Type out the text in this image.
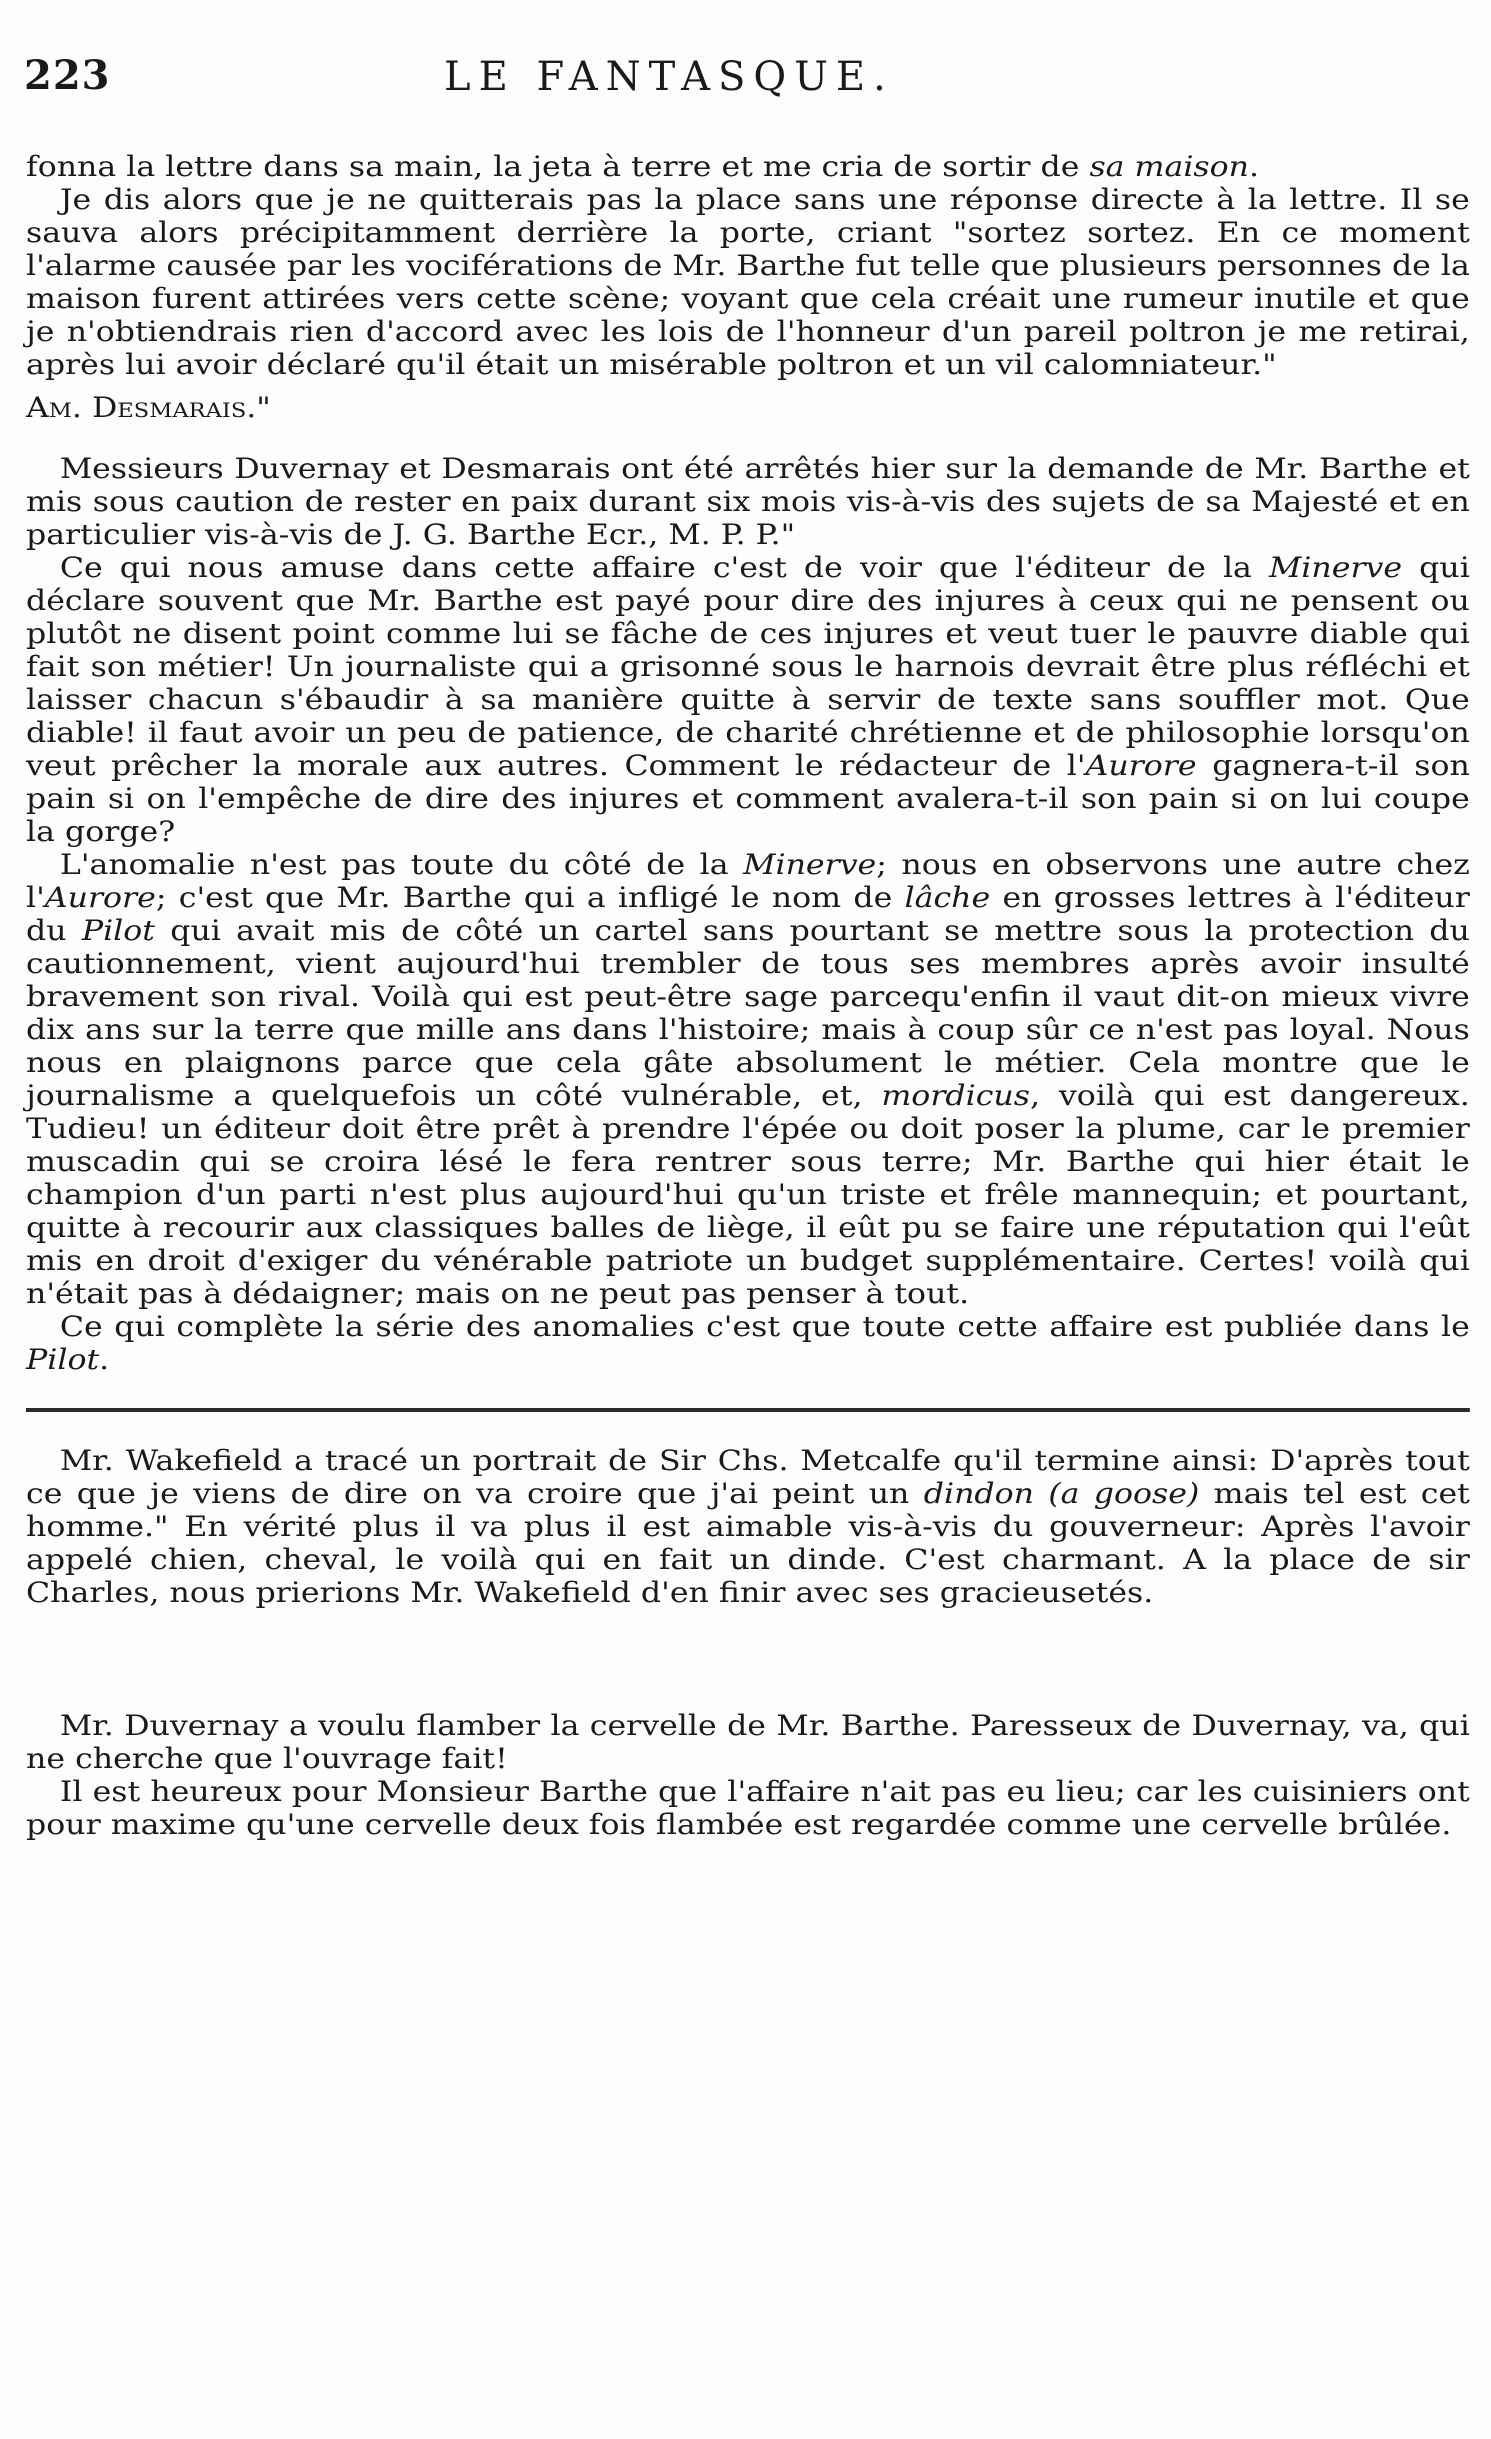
223	LE FANTASQUE.

fonna la lettre dans sa main, la jeta à terre et me cria de sortir de sa maison.

Je dis alors que je ne quitterais pas la place sans une réponse directe à la lettre. Il se sauva alors précipitamment derrière la porte, criant "sortez sortez. En ce moment l'alarme causée par les vociférations de Mr. Barthe fut telle que plusieurs personnes de la maison furent attirées vers cette scène; voyant que cela créait une rumeur inutile et que je n'obtiendrais rien d'accord avec les lois de l'honneur d'un pareil poltron je me retirai, après lui avoir déclaré qu'il était un misérable poltron et un vil calomniateur."

Am. Desmarais."

Messieurs Duvernay et Desmarais ont été arrêtés hier sur la demande de Mr. Barthe et mis sous caution de rester en paix durant six mois vis-à-vis des sujets de sa Majesté et en particulier vis-à-vis de J. G. Barthe Ecr., M. P. P."

Ce qui nous amuse dans cette affaire c'est de voir que l'éditeur de la Minerve qui déclare souvent que Mr. Barthe est payé pour dire des injures à ceux qui ne pensent ou plutôt ne disent point comme lui se fâche de ces injures et veut tuer le pauvre diable qui fait son métier! Un journaliste qui a grisonné sous le harnois devrait être plus réfléchi et laisser chacun s'ébaudir à sa manière quitte à servir de texte sans souffler mot. Que diable! il faut avoir un peu de patience, de charité chrétienne et de philosophie lorsqu'on veut prêcher la morale aux autres. Comment le rédacteur de l'Aurore gagnera-t-il son pain si on l'empêche de dire des injures et comment avalera-t-il son pain si on lui coupe la gorge?

L'anomalie n'est pas toute du côté de la Minerve; nous en observons une autre chez l'Aurore; c'est que Mr. Barthe qui a infligé le nom de lâche en grosses lettres à l'éditeur du Pilot qui avait mis de côté un cartel sans pourtant se mettre sous la protection du cautionnement, vient aujourd'hui trembler de tous ses membres après avoir insulté bravement son rival. Voilà qui est peut-être sage parcequ'enfin il vaut dit-on mieux vivre dix ans sur la terre que mille ans dans l'histoire; mais à coup sûr ce n'est pas loyal. Nous nous en plaignons parce que cela gâte absolument le métier. Cela montre que le journalisme a quelquefois un côté vulnérable, et, mordicus, voilà qui est dangereux. Tudieu! un éditeur doit être prêt à prendre l'épée ou doit poser la plume, car le premier muscadin qui se croira lésé le fera rentrer sous terre; Mr. Barthe qui hier était le champion d'un parti n'est plus aujourd'hui qu'un triste et frêle mannequin; et pourtant, quitte à recourir aux classiques balles de liège, il eût pu se faire une réputation qui l'eût mis en droit d'exiger du vénérable patriote un budget supplémentaire. Certes! voilà qui n'était pas à dédaigner; mais on ne peut pas penser à tout.

Ce qui complète la série des anomalies c'est que toute cette affaire est publiée dans le Pilot.

Mr. Wakefield a tracé un portrait de Sir Chs. Metcalfe qu'il termine ainsi: D'après tout ce que je viens de dire on va croire que j'ai peint un dindon (a goose) mais tel est cet homme." En vérité plus il va plus il est aimable vis-à-vis du gouverneur: Après l'avoir appelé chien, cheval, le voilà qui en fait un dinde. C'est charmant. A la place de sir Charles, nous prierions Mr. Wakefield d'en finir avec ses gracieusetés.

Mr. Duvernay a voulu flamber la cervelle de Mr. Barthe. Paresseux de Duvernay, va, qui ne cherche que l'ouvrage fait!

Il est heureux pour Monsieur Barthe que l'affaire n'ait pas eu lieu; car les cuisiniers ont pour maxime qu'une cervelle deux fois flambée est regardée comme une cervelle brûlée.
